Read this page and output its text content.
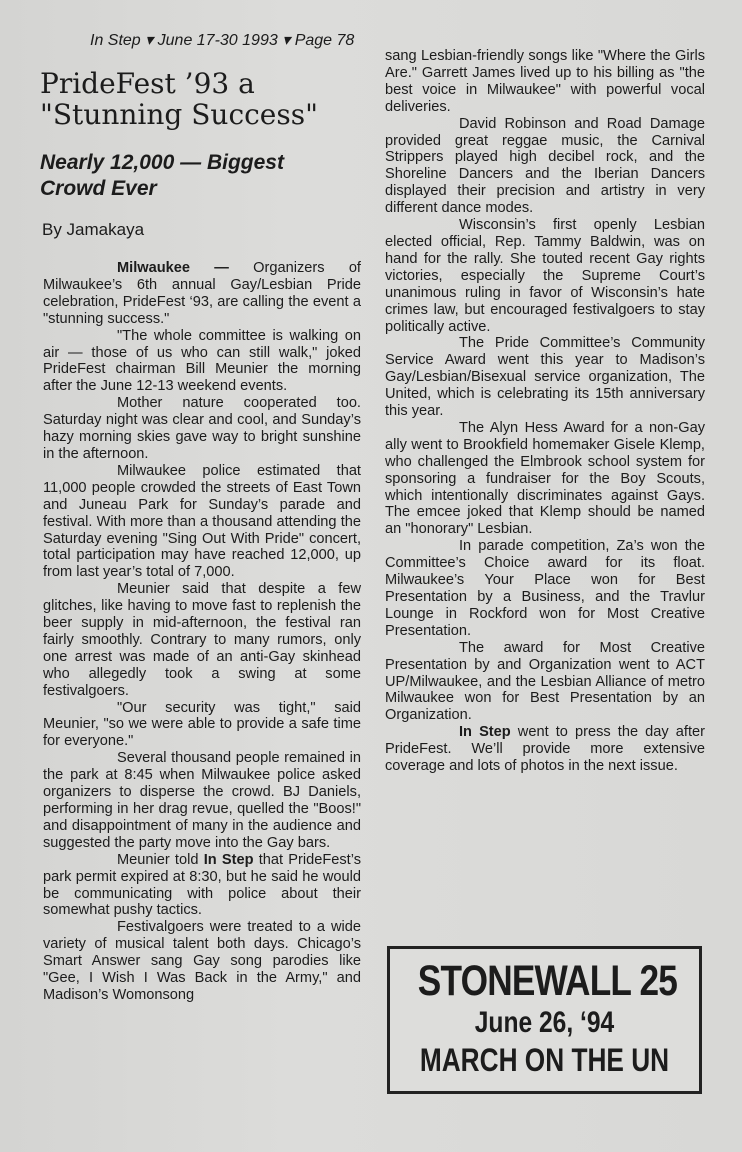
In Step ▾ June 17-30 1993 ▾ Page 78
PrideFest ’93 a
"Stunning Success"
Nearly 12,000 — Biggest
Crowd Ever
By Jamakaya

Milwaukee — Organizers of Milwaukee’s 6th annual Gay/Lesbian Pride celebration, PrideFest ‘93, are calling the event a "stunning success."

"The whole committee is walking on air — those of us who can still walk," joked PrideFest chairman Bill Meunier the morning after the June 12-13 weekend events.

Mother nature cooperated too. Saturday night was clear and cool, and Sunday’s hazy morning skies gave way to bright sunshine in the afternoon.

Milwaukee police estimated that 11,000 people crowded the streets of East Town and Juneau Park for Sunday’s parade and festival. With more than a thousand attending the Saturday evening "Sing Out With Pride" concert, total participation may have reached 12,000, up from last year’s total of 7,000.

Meunier said that despite a few glitches, like having to move fast to replenish the beer supply in mid-afternoon, the festival ran fairly smoothly. Contrary to many rumors, only one arrest was made of an anti-Gay skinhead who allegedly took a swing at some festivalgoers.

"Our security was tight," said Meunier, "so we were able to provide a safe time for everyone."

Several thousand people remained in the park at 8:45 when Milwaukee police asked organizers to disperse the crowd. BJ Daniels, performing in her drag revue, quelled the "Boos!" and disappointment of many in the audience and suggested the party move into the Gay bars.

Meunier told In Step that PrideFest’s park permit expired at 8:30, but he said he would be communicating with police about their somewhat pushy tactics.

Festivalgoers were treated to a wide variety of musical talent both days. Chicago’s Smart Answer sang Gay song parodies like "Gee, I Wish I Was Back in the Army," and Madison’s Womonsong

sang Lesbian-friendly songs like "Where the Girls Are." Garrett James lived up to his billing as "the best voice in Milwaukee" with powerful vocal deliveries.

David Robinson and Road Damage provided great reggae music, the Carnival Strippers played high decibel rock, and the Shoreline Dancers and the Iberian Dancers displayed their precision and artistry in very different dance modes.

Wisconsin’s first openly Lesbian elected official, Rep. Tammy Baldwin, was on hand for the rally. She touted recent Gay rights victories, especially the Supreme Court’s unanimous ruling in favor of Wisconsin’s hate crimes law, but encouraged festivalgoers to stay politically active.

The Pride Committee’s Community Service Award went this year to Madison’s Gay/Lesbian/Bisexual service organization, The United, which is celebrating its 15th anniversary this year.

The Alyn Hess Award for a non-Gay ally went to Brookfield homemaker Gisele Klemp, who challenged the Elmbrook school system for sponsoring a fundraiser for the Boy Scouts, which intentionally discriminates against Gays. The emcee joked that Klemp should be named an "honorary" Lesbian.

In parade competition, Za’s won the Committee’s Choice award for its float. Milwaukee’s Your Place won for Best Presentation by a Business, and the Travlur Lounge in Rockford won for Most Creative Presentation.

The award for Most Creative Presentation by and Organization went to ACT UP/Milwaukee, and the Lesbian Alliance of metro Milwaukee won for Best Presentation by an Organization.

In Step went to press the day after PrideFest. We’ll provide more extensive coverage and lots of photos in the next issue.

STONEWALL 25
June 26, ‘94
MARCH ON THE UN
